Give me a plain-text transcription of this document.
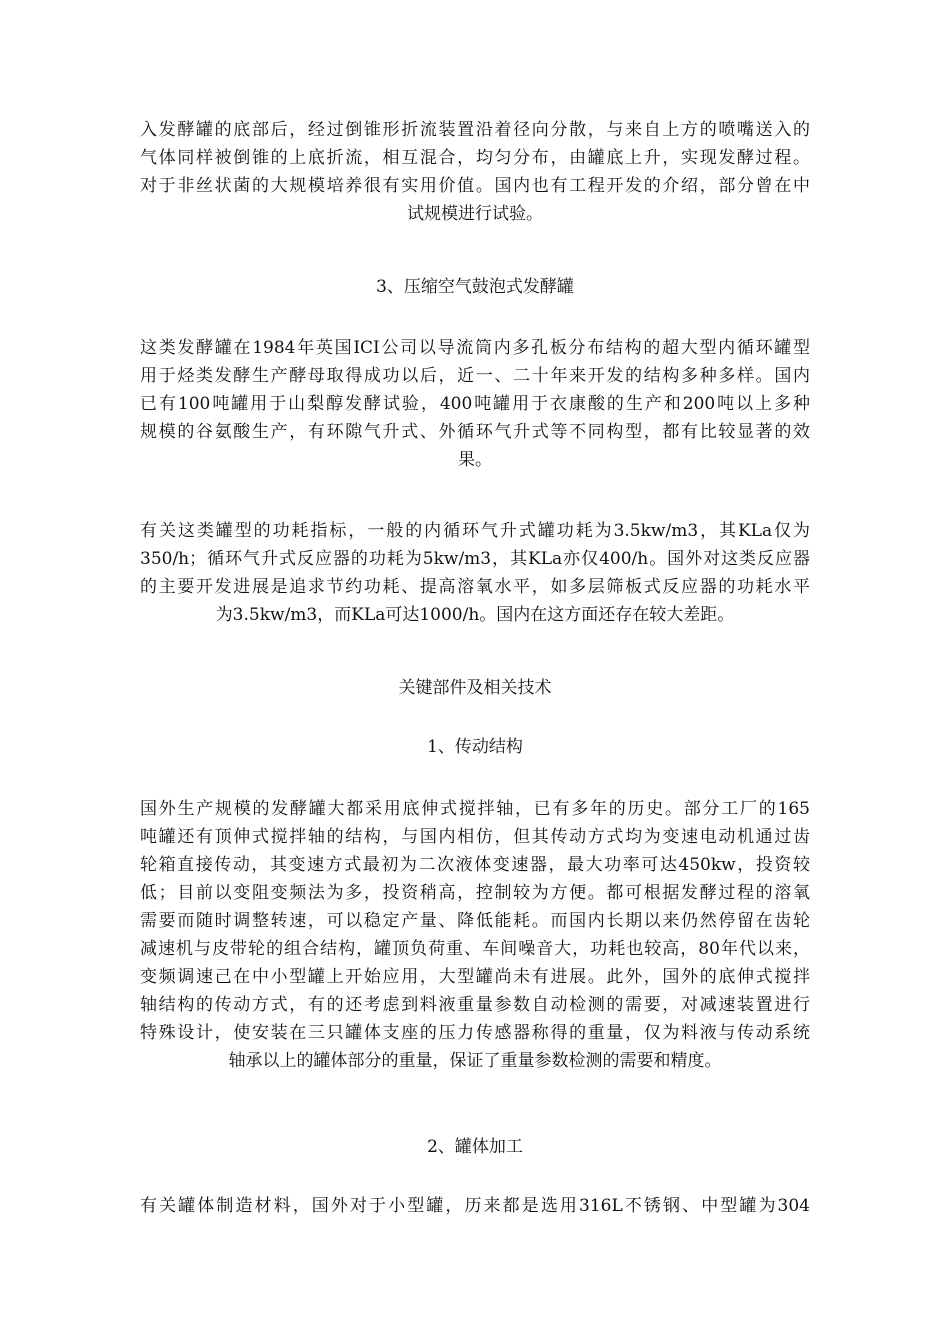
入发酵罐的底部后，经过倒锥形折流装置沿着径向分散，与来自上方的喷嘴送入的
气体同样被倒锥的上底折流，相互混合，均匀分布，由罐底上升，实现发酵过程。
对于非丝状菌的大规模培养很有实用价值。国内也有工程开发的介绍，部分曾在中
试规模进行试验。
3、压缩空气鼓泡式发酵罐
这类发酵罐在1984年英国ICI公司以导流筒内多孔板分布结构的超大型内循环罐型
用于烃类发酵生产酵母取得成功以后，近一、二十年来开发的结构多种多样。国内
已有100吨罐用于山梨醇发酵试验，400吨罐用于衣康酸的生产和200吨以上多种
规模的谷氨酸生产，有环隙气升式、外循环气升式等不同构型，都有比较显著的效
果。
有关这类罐型的功耗指标，一般的内循环气升式罐功耗为3.5kw/m3，其KLa仅为
350/h；循环气升式反应器的功耗为5kw/m3，其KLa亦仅400/h。国外对这类反应器
的主要开发进展是追求节约功耗、提高溶氧水平，如多层筛板式反应器的功耗水平
为3.5kw/m3，而KLa可达1000/h。国内在这方面还存在较大差距。
关键部件及相关技术
1、传动结构
国外生产规模的发酵罐大都采用底伸式搅拌轴，已有多年的历史。部分工厂的165
吨罐还有顶伸式搅拌轴的结构，与国内相仿，但其传动方式均为变速电动机通过齿
轮箱直接传动，其变速方式最初为二次液体变速器，最大功率可达450kw，投资较
低；目前以变阻变频法为多，投资稍高，控制较为方便。都可根据发酵过程的溶氧
需要而随时调整转速，可以稳定产量、降低能耗。而国内长期以来仍然停留在齿轮
减速机与皮带轮的组合结构，罐顶负荷重、车间噪音大，功耗也较高，80年代以来，
变频调速己在中小型罐上开始应用，大型罐尚未有进展。此外，国外的底伸式搅拌
轴结构的传动方式，有的还考虑到料液重量参数自动检测的需要，对减速装置进行
特殊设计，使安装在三只罐体支座的压力传感器称得的重量，仅为料液与传动系统
轴承以上的罐体部分的重量，保证了重量参数检测的需要和精度。
2、罐体加工
有关罐体制造材料，国外对于小型罐，历来都是选用316L不锈钢、中型罐为304
